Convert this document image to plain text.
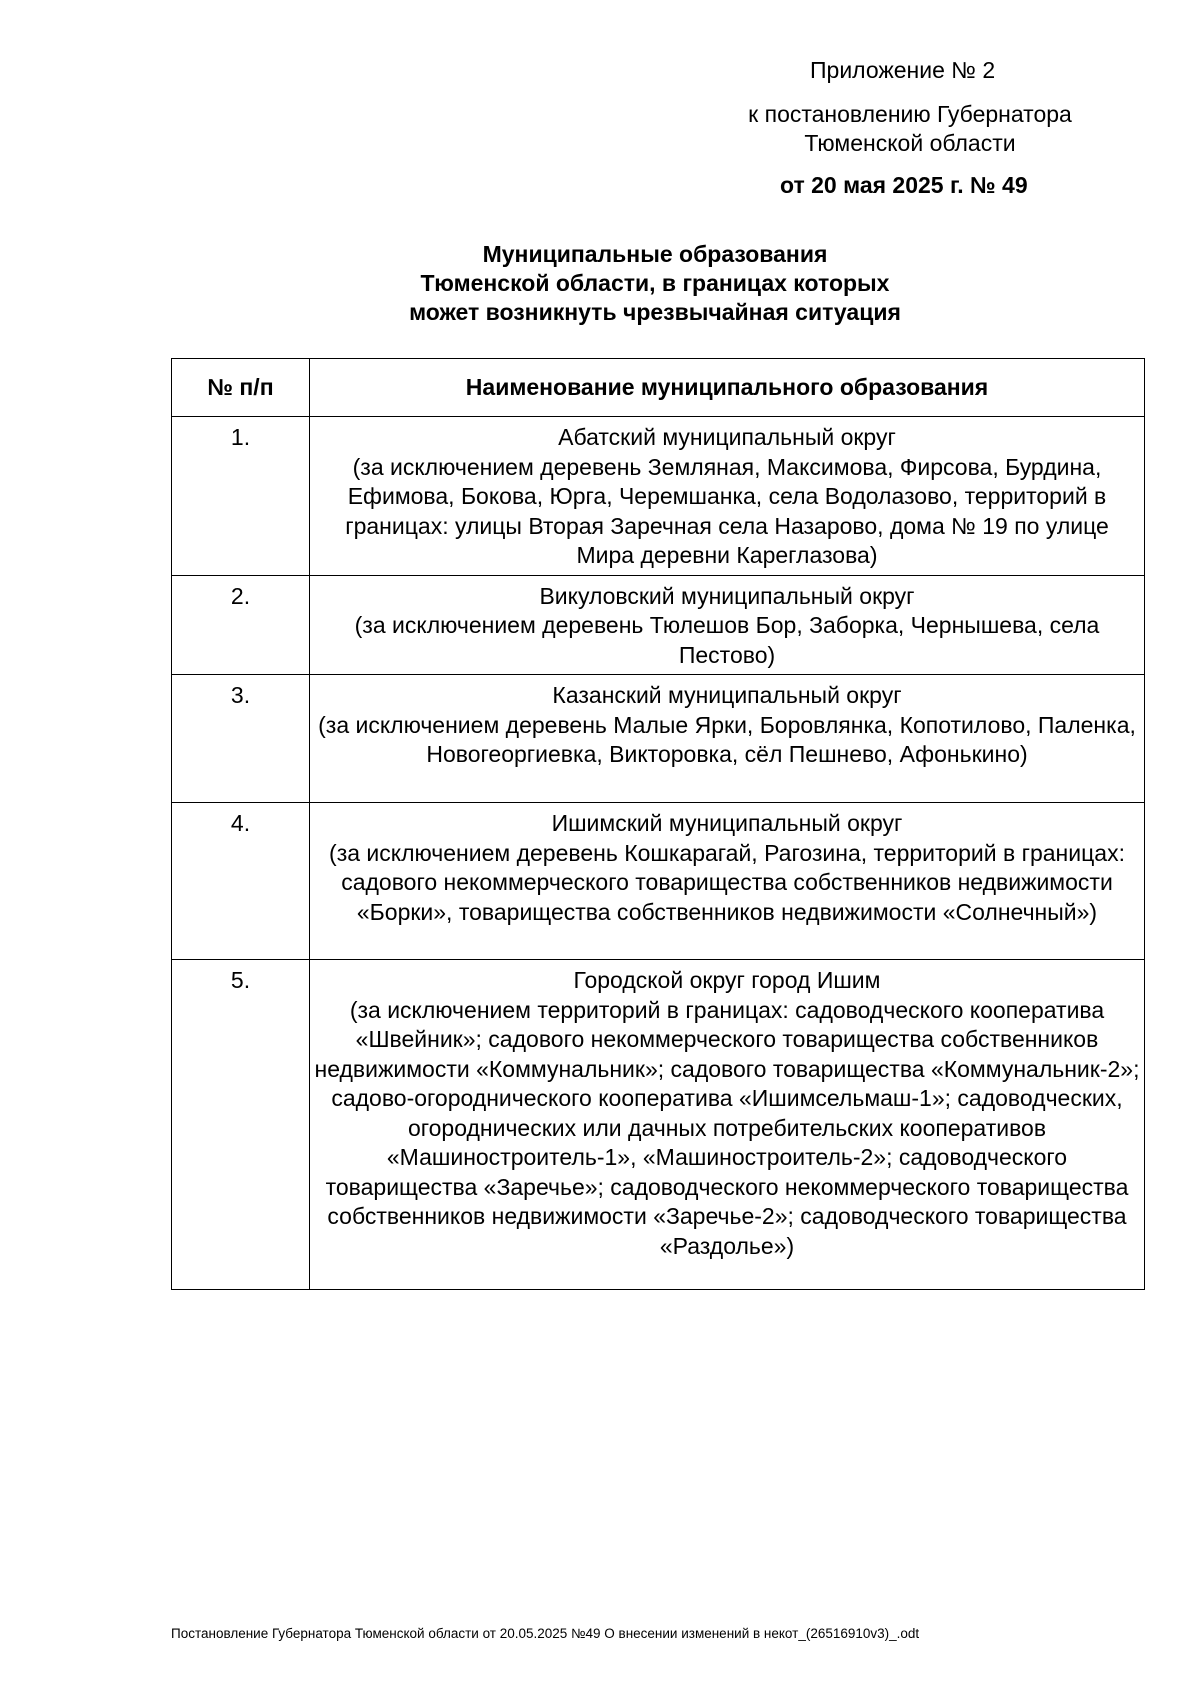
Приложение № 2
к постановлению Губернатора
Тюменской области
от 20 мая 2025 г. № 49
Муниципальные образования
Тюменской области, в границах которых
может возникнуть чрезвычайная ситуация
№ п/п	Наименование муниципального образования
1.	Абатский муниципальный округ
(за исключением деревень Земляная, Максимова, Фирсова, Бурдина, Ефимова, Бокова, Юрга, Черемшанка, села Водолазово, территорий в границах: улицы Вторая Заречная села Назарово, дома № 19 по улице Мира деревни Карeглазова)

2.	Викуловский муниципальный округ
(за исключением деревень Тюлешов Бор, Заборка, Чернышева, села Пестово)

3.	Казанский муниципальный округ
(за исключением деревень Малые Ярки, Боровлянка, Копотилово, Паленка, Новогеоргиевка, Викторовка, сёл Пешнево, Афонькино)

4.	Ишимский муниципальный округ
(за исключением деревень Кошкарагай, Рагозина, территорий в границах: садового некоммерческого товарищества собственников недвижимости «Борки», товарищества собственников недвижимости «Солнечный»)

5.	Городской округ город Ишим
(за исключением территорий в границах: садоводческого кооператива «Швейник»; садового некоммерческого товарищества собственников недвижимости «Коммунальник»; садового товарищества «Коммунальник-2»; садово-огороднического кооператива «Ишимсельмаш-1»; садоводческих, огороднических или дачных потребительских кооперативов «Машиностроитель-1», «Машиностроитель-2»; садоводческого товарищества «Заречье»; садоводческого некоммерческого товарищества собственников недвижимости «Заречье-2»; садоводческого товарищества «Раздолье»)
Постановление Губернатора Тюменской области от 20.05.2025 №49 О внесении изменений в некот_(26516910v3)_.odt
